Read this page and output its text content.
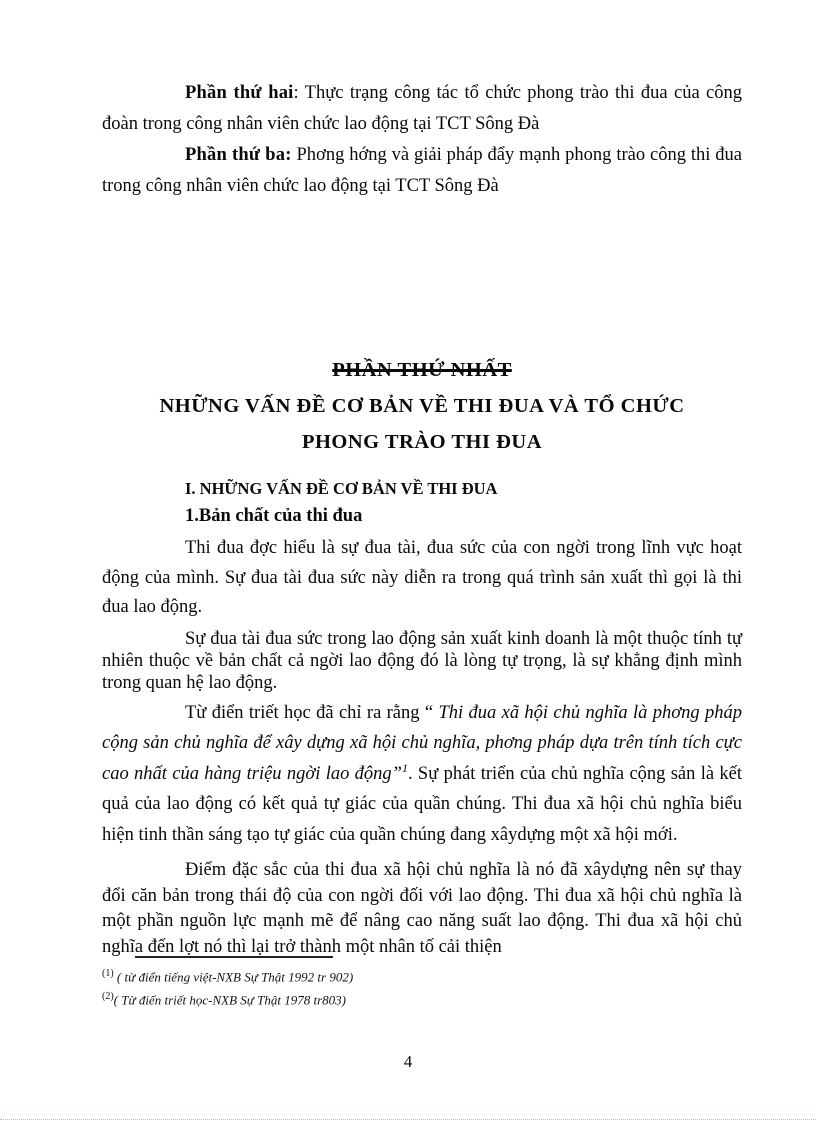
Phần thứ hai: Thực trạng công tác tổ chức phong trào thi đua của công đoàn trong công nhân viên chức lao động tại TCT Sông Đà

Phần thứ ba: Phơng hớng và giải pháp đẩy mạnh phong trào công thi đua trong công nhân viên chức lao động tại TCT Sông Đà

PHẦN THỨ NHẤT
NHỮNG VẤN ĐỀ CƠ BẢN VỀ THI ĐUA VÀ TỔ CHỨC
PHONG TRÀO THI ĐUA
I. NHỮNG VẤN ĐỀ CƠ BẢN VỀ THI ĐUA
1.Bản chất của thi đua

Thi đua đợc hiểu là sự đua tài, đua sức của con ngời trong lĩnh vực hoạt động của mình. Sự đua tài đua sức này diễn ra trong quá trình sản xuất thì gọi là thi đua lao động.

Sự đua tài đua sức trong lao động sản xuất kinh doanh là một thuộc tính tự nhiên thuộc về bản chất cả ngời lao động đó là lòng tự trọng, là sự khẳng định mình trong quan hệ lao động.

Từ điển triết học đã chỉ ra rằng “ Thi đua xã hội chủ nghĩa là phơng pháp cộng sản chủ nghĩa để xây dựng xã hội chủ nghĩa, phơng pháp dựa trên tính tích cực cao nhất của hàng triệu ngời lao động”$^1$. Sự phát triển của chủ nghĩa cộng sản là kết quả của lao động có kết quả tự giác của quần chúng. Thi đua xã hội chủ nghĩa biểu hiện tinh thần sáng tạo tự giác của quần chúng đang xâydựng một xã hội mới.

Điểm đặc sắc của thi đua xã hội chủ nghĩa là nó đã xâydựng nên sự thay đổi căn bản trong thái độ của con ngời đối với lao động. Thi đua xã hội chủ nghĩa là một phần nguồn lực mạnh mẽ để nâng cao năng suất lao động. Thi đua xã hội chủ nghĩa đến lợt nó thì lại trở thành một nhân tố cải thiện

$^{(1)}$ ( từ điển tiếng việt-NXB Sự Thật 1992 tr 902)
$^{(2)}$( Từ điển triết học-NXB Sự Thật 1978 tr803)
4
